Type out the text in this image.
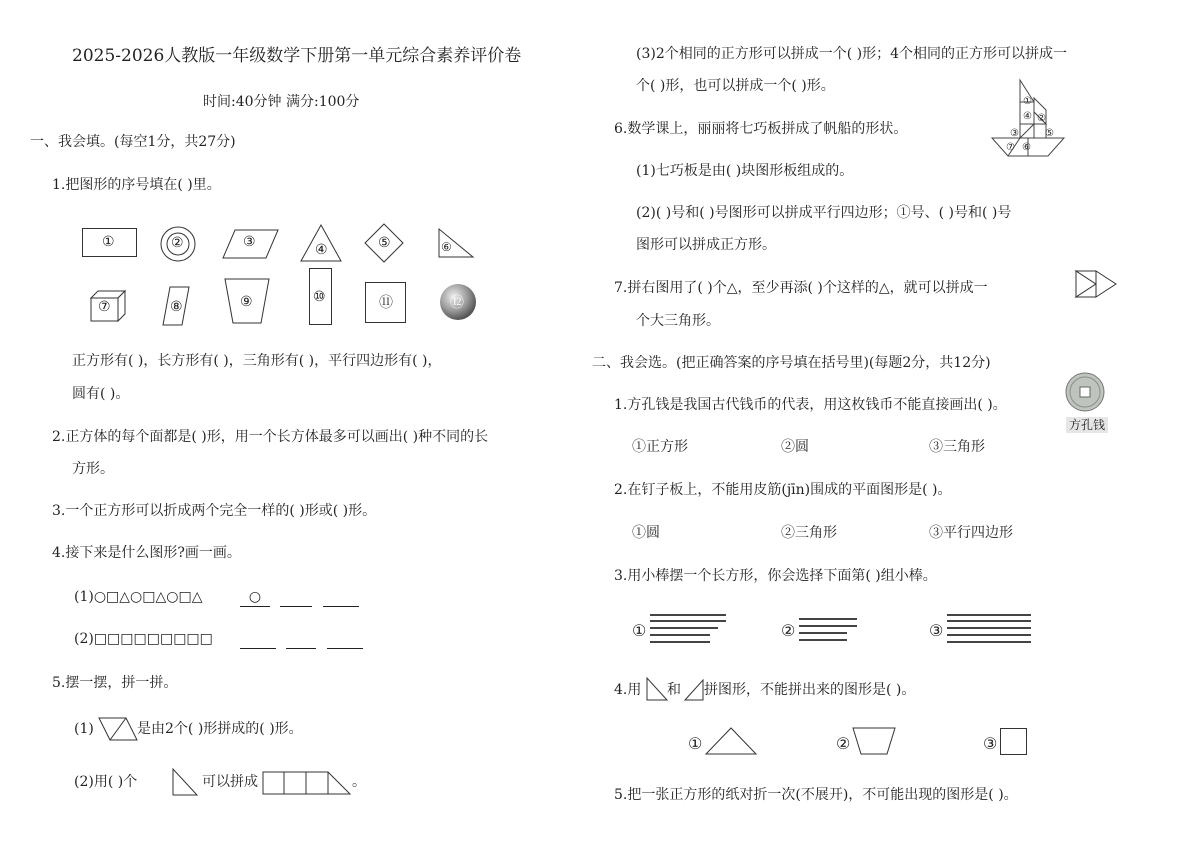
2025-2026人教版一年级数学下册第一单元综合素养评价卷
时间:40分钟 满分:100分
一、我会填。(每空1分，共27分)
1.把图形的序号填在( )里。
①	②	③	④	⑤	⑥
⑦	⑧	⑨	⑩	⑪	⑫
正方形有( )，长方形有( )，三角形有( )，平行四边形有( )，
圆有( )。
2.正方体的每个面都是( )形，用一个长方体最多可以画出( )种不同的长
方形。
3.一个正方形可以折成两个完全一样的( )形或( )形。
4.接下来是什么图形?画一画。
(1)○□△○□△○□△	○
(2)□□□□□□□□□

5.摆一摆，拼一拼。
(1)	是由2个( )形拼成的( )形。
(2)用( )个	可以拼成	。
(3)2个相同的正方形可以拼成一个( )形；4个相同的正方形可以拼成一
个( )形，也可以拼成一个( )形。
6.数学课上，丽丽将七巧板拼成了帆船的形状。
①
②
③
④
⑤
⑥
⑦
(1)七巧板是由( )块图形板组成的。
(2)( )号和( )号图形可以拼成平行四边形；①号、( )号和( )号
图形可以拼成正方形。
7.拼右图用了( )个△，至少再添( )个这样的△，就可以拼成一
个大三角形。
二、我会选。(把正确答案的序号填在括号里)(每题2分，共12分)
1.方孔钱是我国古代钱币的代表，用这枚钱币不能直接画出( )。
方孔钱
①正方形	②圆	③三角形
2.在钉子板上，不能用皮筋(jīn)围成的平面图形是( )。
①圆	②三角形	③平行四边形
3.用小棒摆一个长方形，你会选择下面第( )组小棒。
①	②	③
4.用 和 拼图形，不能拼出来的图形是( )。
①	②	③
5.把一张正方形的纸对折一次(不展开)，不可能出现的图形是( )。
